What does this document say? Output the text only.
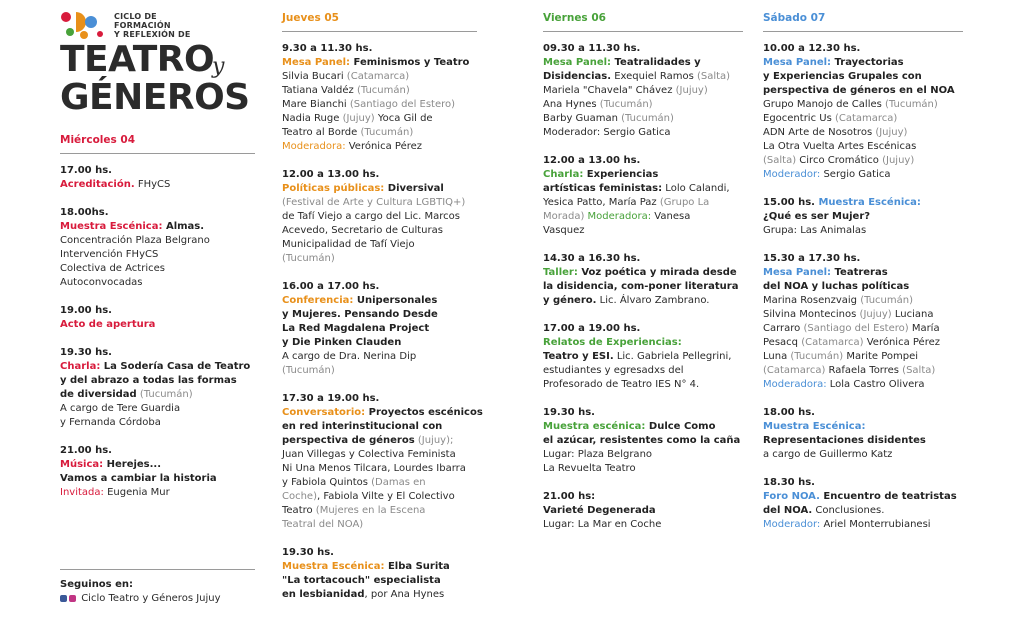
CICLO DE
FORMACIÓN
Y REFLEXIÓN DE
TEATRO
y
GÉNEROS
Miércoles 04
17.00 hs.
Acreditación. FHyCS
18.00hs.
Muestra Escénica: Almas.
Concentración Plaza Belgrano
Intervención FHyCS
Colectiva de Actrices
Autoconvocadas
19.00 hs.
Acto de apertura
19.30 hs.
Charla: La Sodería Casa de Teatro
y del abrazo a todas las formas
de diversidad (Tucumán)
A cargo de Tere Guardia
y Fernanda Córdoba
21.00 hs.
Música: Herejes...
Vamos a cambiar la historia
Invitada: Eugenia Mur
Seguinos en:
Ciclo Teatro y Géneros Jujuy
Jueves 05
9.30 a 11.30 hs.
Mesa Panel: Feminismos y Teatro
Silvia Bucari (Catamarca)
Tatiana Valdéz (Tucumán)
Mare Bianchi (Santiago del Estero)
Nadia Ruge (Jujuy) Yoca Gil de
Teatro al Borde (Tucumán)
Moderadora: Verónica Pérez
12.00 a 13.00 hs.
Políticas públicas: Diversival
(Festival de Arte y Cultura LGBTIQ+)
de Tafí Viejo a cargo del Lic. Marcos
Acevedo, Secretario de Culturas
Municipalidad de Tafí Viejo
(Tucumán)
16.00 a 17.00 hs.
Conferencia: Unipersonales
y Mujeres. Pensando Desde
La Red Magdalena Project
y Die Pinken Clauden
A cargo de Dra. Nerina Dip
(Tucumán)
17.30 a 19.00 hs.
Conversatorio: Proyectos escénicos
en red interinstitucional con
perspectiva de géneros (Jujuy);
Juan Villegas y Colectiva Feminista
Ni Una Menos Tilcara, Lourdes Ibarra
y Fabiola Quintos (Damas en
Coche), Fabiola Vilte y El Colectivo
Teatro (Mujeres en la Escena
Teatral del NOA)
19.30 hs.
Muestra Escénica: Elba Surita
"La tortacouch" especialista
en lesbianidad, por Ana Hynes
Viernes 06
09.30 a 11.30 hs.
Mesa Panel: Teatralidades y
Disidencias. Exequiel Ramos (Salta)
Mariela "Chavela" Chávez (Jujuy)
Ana Hynes (Tucumán)
Barby Guaman (Tucumán)
Moderador: Sergio Gatica
12.00 a 13.00 hs.
Charla: Experiencias
artísticas feministas: Lolo Calandi,
Yesica Patto, María Paz (Grupo La
Morada) Moderadora: Vanesa
Vasquez
14.30 a 16.30 hs.
Taller: Voz poética y mirada desde
la disidencia, com-poner literatura
y género. Lic. Álvaro Zambrano.
17.00 a 19.00 hs.
Relatos de Experiencias:
Teatro y ESI. Lic. Gabriela Pellegrini,
estudiantes y egresadxs del
Profesorado de Teatro IES N° 4.
19.30 hs.
Muestra escénica: Dulce Como
el azúcar, resistentes como la caña
Lugar: Plaza Belgrano
La Revuelta Teatro
21.00 hs:
Varieté Degenerada
Lugar: La Mar en Coche
Sábado 07
10.00 a 12.30 hs.
Mesa Panel: Trayectorias
y Experiencias Grupales con
perspectiva de géneros en el NOA
Grupo Manojo de Calles (Tucumán)
Egocentric Us (Catamarca)
ADN Arte de Nosotros (Jujuy)
La Otra Vuelta Artes Escénicas
(Salta) Circo Cromático (Jujuy)
Moderador: Sergio Gatica
15.00 hs. Muestra Escénica:
¿Qué es ser Mujer?
Grupa: Las Animalas
15.30 a 17.30 hs.
Mesa Panel: Teatreras
del NOA y luchas políticas
Marina Rosenzvaig (Tucumán)
Silvina Montecinos (Jujuy) Luciana
Carraro (Santiago del Estero) María
Pesacq (Catamarca) Verónica Pérez
Luna (Tucumán) Marite Pompei
(Catamarca) Rafaela Torres (Salta)
Moderadora: Lola Castro Olivera
18.00 hs.
Muestra Escénica:
Representaciones disidentes
a cargo de Guillermo Katz
18.30 hs.
Foro NOA. Encuentro de teatristas
del NOA. Conclusiones.
Moderador: Ariel Monterrubianesi
